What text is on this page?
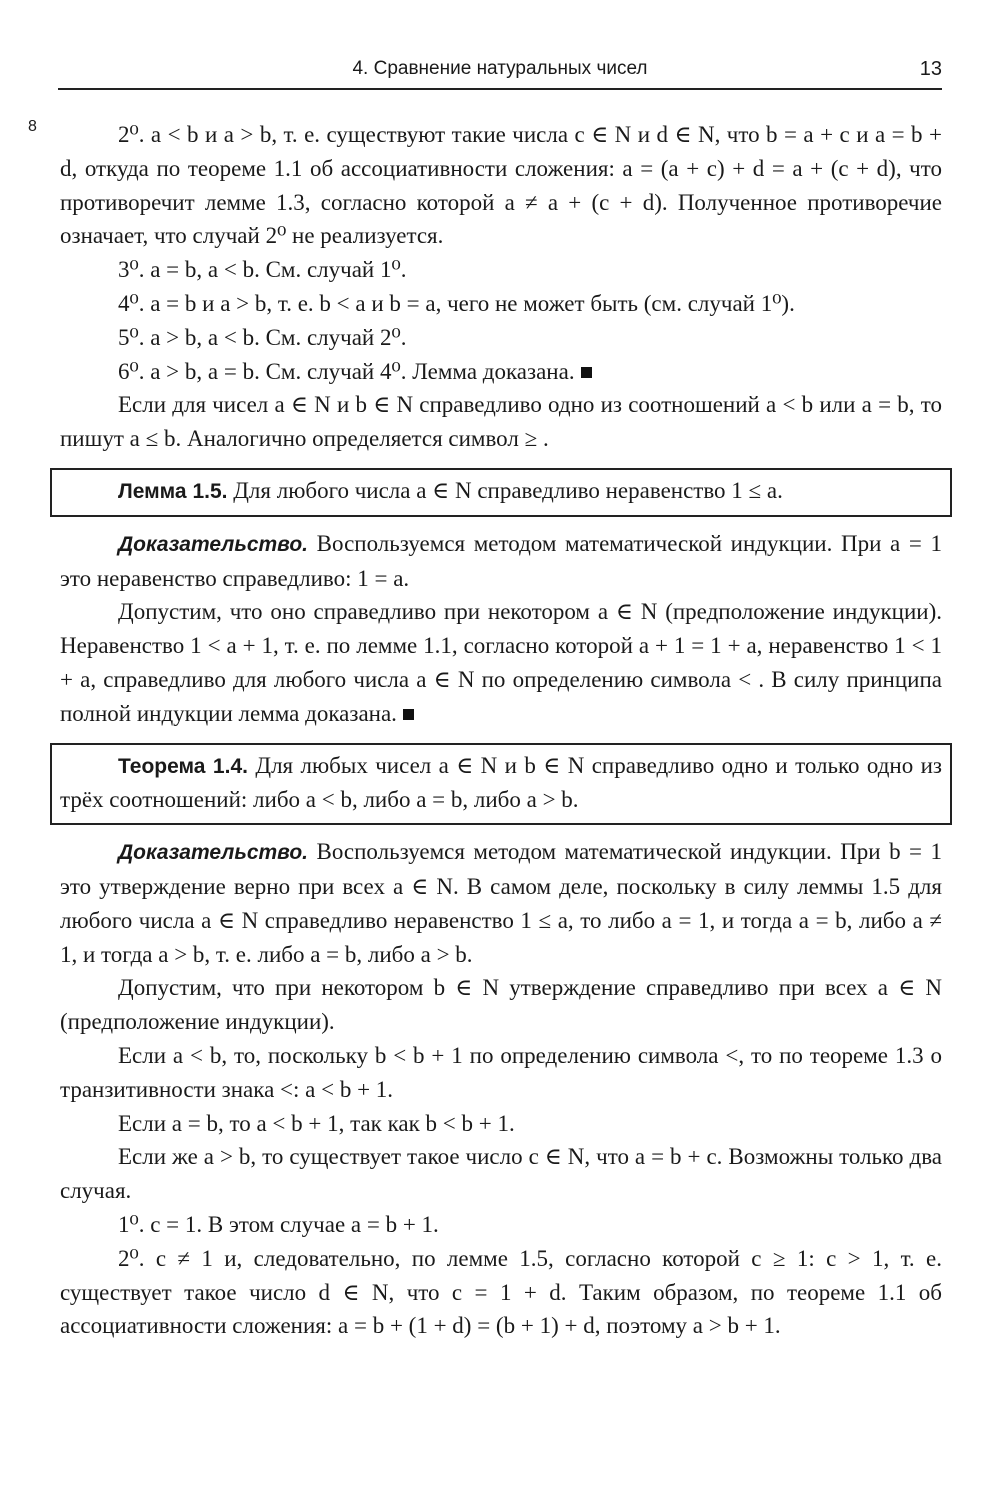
4. Сравнение натуральных чисел	13
8	2⁰. a < b и a > b, т. е. существуют такие числа c ∈ N и d ∈ N, что b = a + c и a = b + d, откуда по теореме 1.1 об ассоциативности сложения: a = (a + c) + d = a + (c + d), что противоречит лемме 1.3, согласно которой a ≠ a + (c + d). Полученное противоречие означает, что случай 2⁰ не реализуется.

3⁰. a = b, a < b. См. случай 1⁰.

4⁰. a = b и a > b, т. е. b < a и b = a, чего не может быть (см. случай 1⁰).

5⁰. a > b, a < b. См. случай 2⁰.

6⁰. a > b, a = b. См. случай 4⁰. Лемма доказана.

Если для чисел a ∈ N и b ∈ N справедливо одно из соотношений a < b или a = b, то пишут a ≤ b. Аналогично определяется символ ≥ .

Лемма 1.5. Для любого числа a ∈ N справедливо неравенство 1 ≤ a.

Доказательство. Воспользуемся методом математической индукции. При a = 1 это неравенство справедливо: 1 = a.

Допустим, что оно справедливо при некотором a ∈ N (предположение индукции). Неравенство 1 < a + 1, т. е. по лемме 1.1, согласно которой a + 1 = 1 + a, неравенство 1 < 1 + a, справедливо для любого числа a ∈ N по определению символа < . В силу принципа полной индукции лемма доказана.

Теорема 1.4. Для любых чисел a ∈ N и b ∈ N справедливо одно и только одно из трёх соотношений: либо a < b, либо a = b, либо a > b.

Доказательство. Воспользуемся методом математической индукции. При b = 1 это утверждение верно при всех a ∈ N. В самом деле, поскольку в силу леммы 1.5 для любого числа a ∈ N справедливо неравенство 1 ≤ a, то либо a = 1, и тогда a = b, либо a ≠ 1, и тогда a > b, т. е. либо a = b, либо a > b.

Допустим, что при некотором b ∈ N утверждение справедливо при всех a ∈ N (предположение индукции).

Если a < b, то, поскольку b < b + 1 по определению символа <, то по теореме 1.3 о транзитивности знака <: a < b + 1.

Если a = b, то a < b + 1, так как b < b + 1.

Если же a > b, то существует такое число c ∈ N, что a = b + c. Возможны только два случая.

1⁰. c = 1. В этом случае a = b + 1.

2⁰. c ≠ 1 и, следовательно, по лемме 1.5, согласно которой c ≥ 1: c > 1, т. е. существует такое число d ∈ N, что c = 1 + d. Таким образом, по теореме 1.1 об ассоциативности сложения: a = b + (1 + d) = (b + 1) + d, поэтому a > b + 1.
